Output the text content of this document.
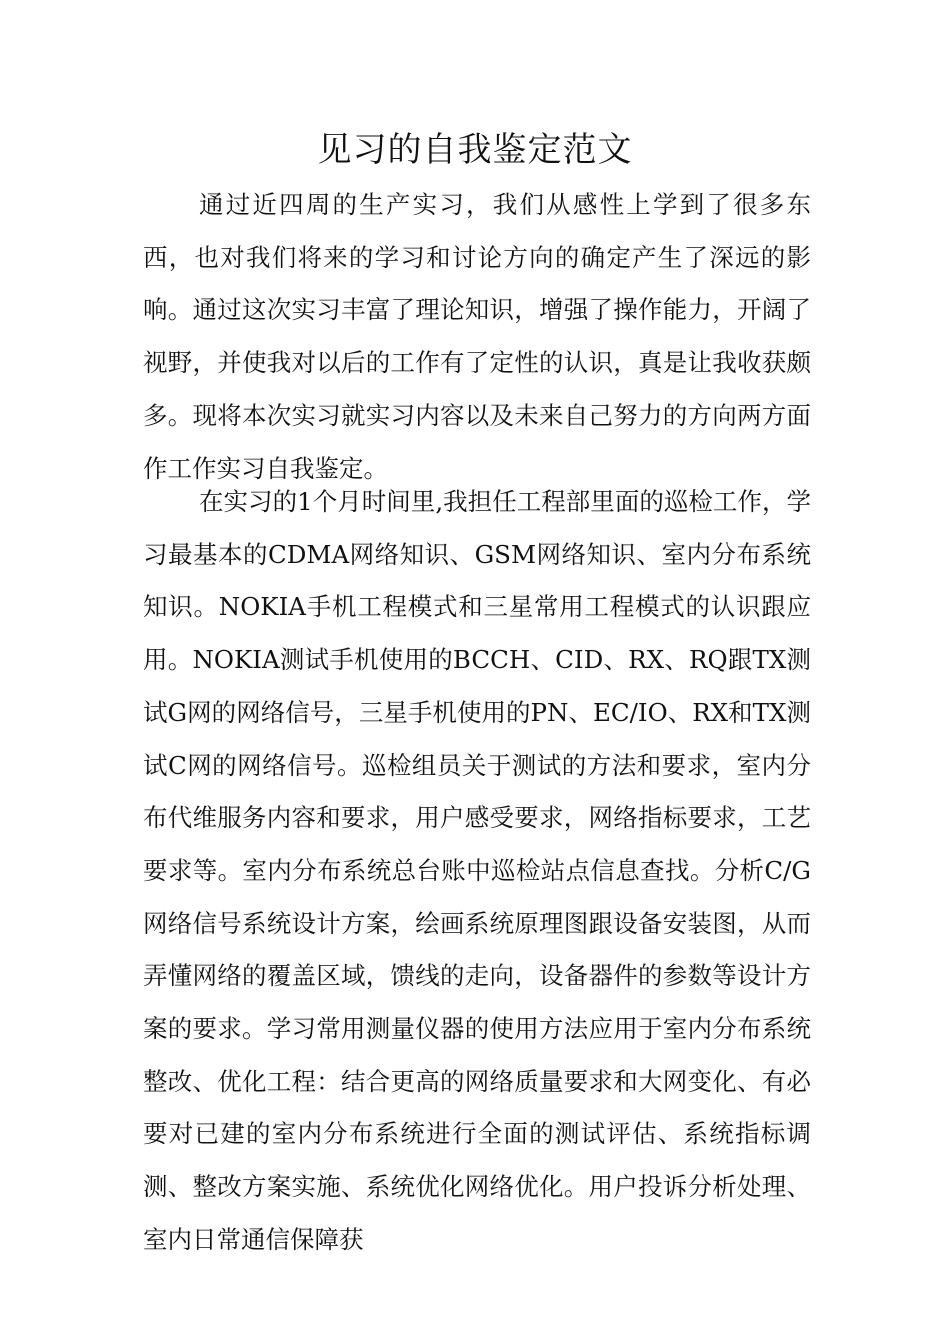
见习的自我鉴定范文

通过近四周的生产实习，我们从感性上学到了很多东西，也对我们将来的学习和讨论方向的确定产生了深远的影响。通过这次实习丰富了理论知识，增强了操作能力，开阔了视野，并使我对以后的工作有了定性的认识，真是让我收获颇多。现将本次实习就实习内容以及未来自己努力的方向两方面作工作实习自我鉴定。

在实习的1个月时间里,我担任工程部里面的巡检工作，学习最基本的CDMA网络知识、GSM网络知识、室内分布系统知识。NOKIA手机工程模式和三星常用工程模式的认识跟应用。NOKIA测试手机使用的BCCH、CID、RX、RQ跟TX测试G网的网络信号，三星手机使用的PN、EC/IO、RX和TX测试C网的网络信号。巡检组员关于测试的方法和要求，室内分布代维服务内容和要求，用户感受要求，网络指标要求，工艺要求等。室内分布系统总台账中巡检站点信息查找。分析C/G网络信号系统设计方案，绘画系统原理图跟设备安装图，从而弄懂网络的覆盖区域，馈线的走向，设备器件的参数等设计方案的要求。学习常用测量仪器的使用方法应用于室内分布系统整改、优化工程：结合更高的网络质量要求和大网变化、有必要对已建的室内分布系统进行全面的测试评估、系统指标调测、整改方案实施、系统优化网络优化。用户投诉分析处理、室内日常通信保障获
